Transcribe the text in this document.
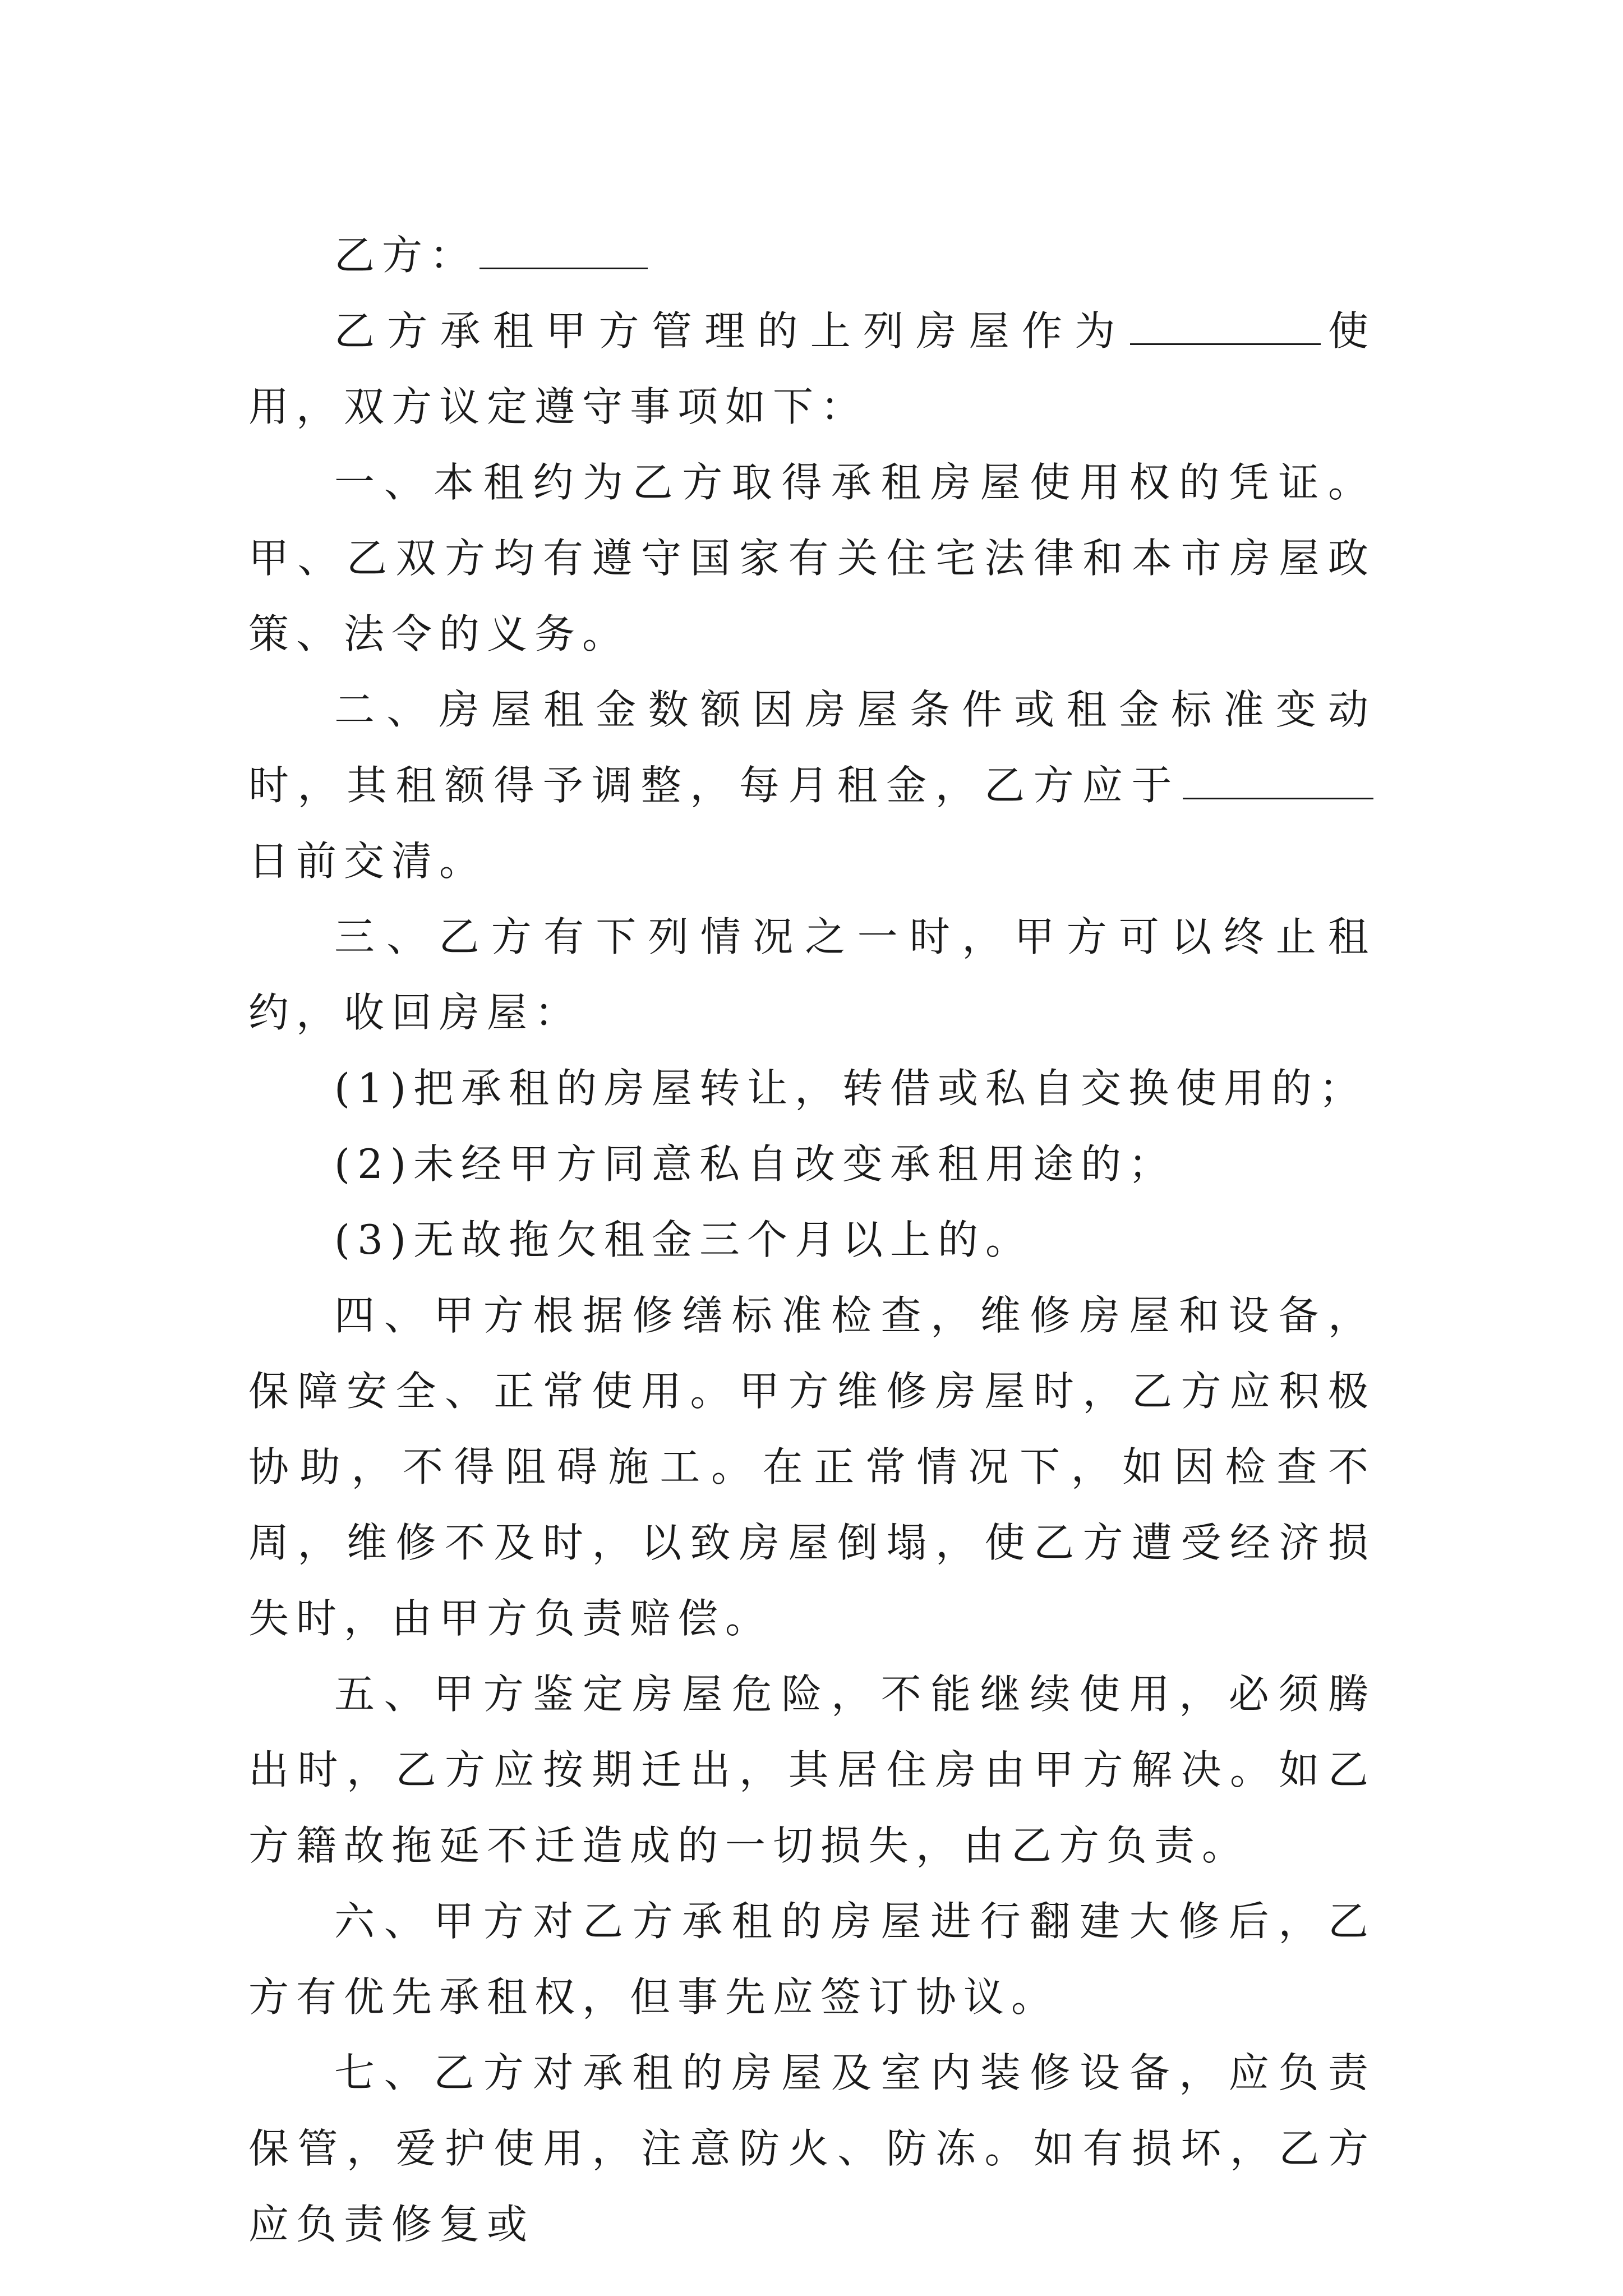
乙方：

乙方承租甲方管理的上列房屋作为	使用，双方议定遵守事项如下：

一、本租约为乙方取得承租房屋使用权的凭证。甲、乙双方均有遵守国家有关住宅法律和本市房屋政策、法令的义务。

二、房屋租金数额因房屋条件或租金标准变动时，其租额得予调整，每月租金，乙方应于日前交清。

三、乙方有下列情况之一时，甲方可以终止租约，收回房屋：

(1)把承租的房屋转让，转借或私自交换使用的；

(2)未经甲方同意私自改变承租用途的；

(3)无故拖欠租金三个月以上的。

四、甲方根据修缮标准检查，维修房屋和设备，保障安全、正常使用。甲方维修房屋时，乙方应积极协助，不得阻碍施工。在正常情况下，如因检查不周，维修不及时，以致房屋倒塌，使乙方遭受经济损失时，由甲方负责赔偿。

五、甲方鉴定房屋危险，不能继续使用，必须腾出时，乙方应按期迁出，其居住房由甲方解决。如乙方籍故拖延不迁造成的一切损失，由乙方负责。

六、甲方对乙方承租的房屋进行翻建大修后，乙方有优先承租权，但事先应签订协议。

七、乙方对承租的房屋及室内装修设备，应负责保管，爱护使用，注意防火、防冻。如有损坏，乙方应负责修复或
